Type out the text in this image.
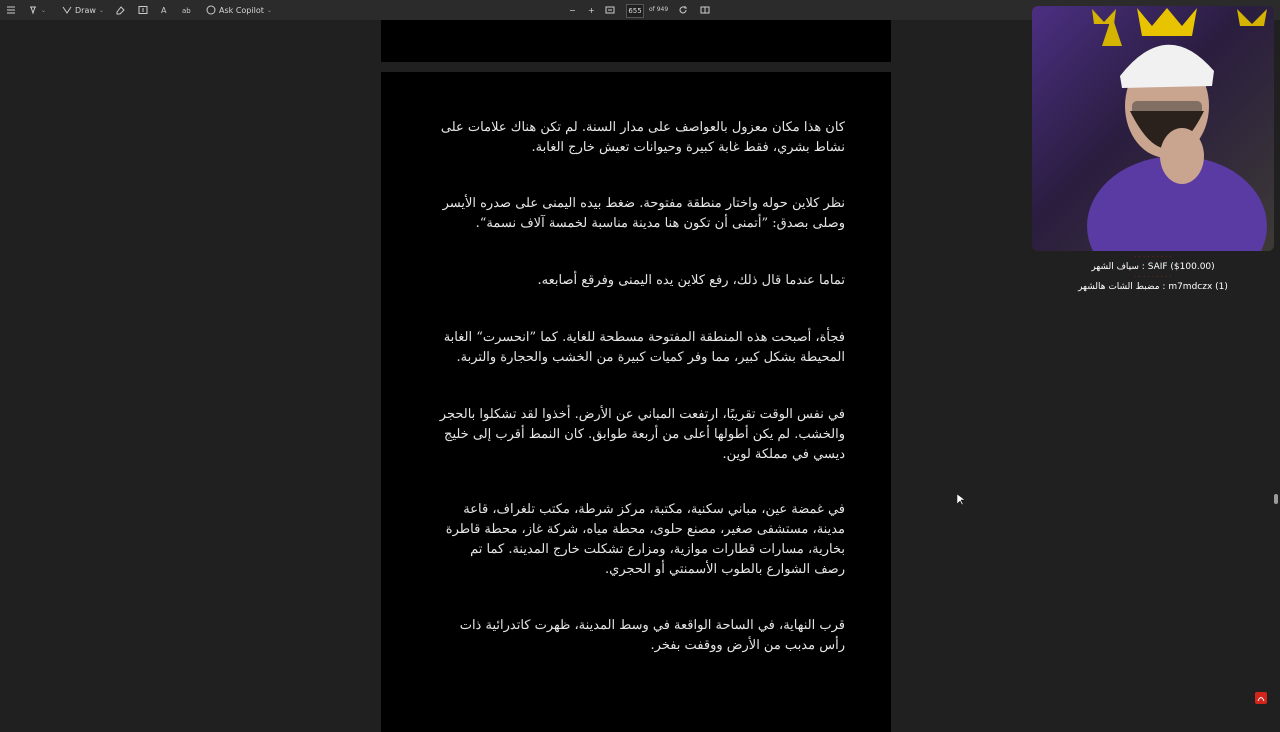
⌄	Draw ⌄	A ab	Ask Copilot ⌄	− +	655	of 949
كان هذا مكان معزول بالعواصف على مدار السنة. لم تكن هناك علامات على نشاط بشري، فقط غابة كبيرة وحيوانات تعيش خارج الغابة.
نظر كلاين حوله واختار منطقة مفتوحة. ضغط بيده اليمنى على صدره الأيسر وصلى بصدق: ”أتمنى أن تكون هنا مدينة مناسبة لخمسة آلاف نسمة“.
تماما عندما قال ذلك، رفع كلاين يده اليمنى وفرقع أصابعه.
فجأة، أصبحت هذه المنطقة المفتوحة مسطحة للغاية. كما ”انحسرت“ الغابة المحيطة بشكل كبير، مما وفر كميات كبيرة من الخشب والحجارة والتربة.
في نفس الوقت تقريبًا، ارتفعت المباني عن الأرض. أخذوا لقد تشكلوا بالحجر والخشب. لم يكن أطولها أعلى من أربعة طوابق. كان النمط أقرب إلى خليج ديسي في مملكة لوين.
في غمضة عين، مباني سكنية، مكتبة، مركز شرطة، مكتب تلغراف، قاعة مدينة، مستشفى صغير، مصنع حلوى، محطة مياه، شركة غاز، محطة قاطرة بخارية، مسارات قطارات موازية، ومزارع تشكلت خارج المدينة. كما تم رصف الشوارع بالطوب الأسمنتي أو الحجري.
قرب النهاية، في الساحة الواقعة في وسط المدينة، ظهرت كاتدرائية ذات رأس مدبب من الأرض ووقفت بفخر.
· · · · · · · · ·
SAIF ($100.00) : سياف الشهر
· · · · · · · · ·
m7mdczx (1) : مضبط الشات هالشهر
